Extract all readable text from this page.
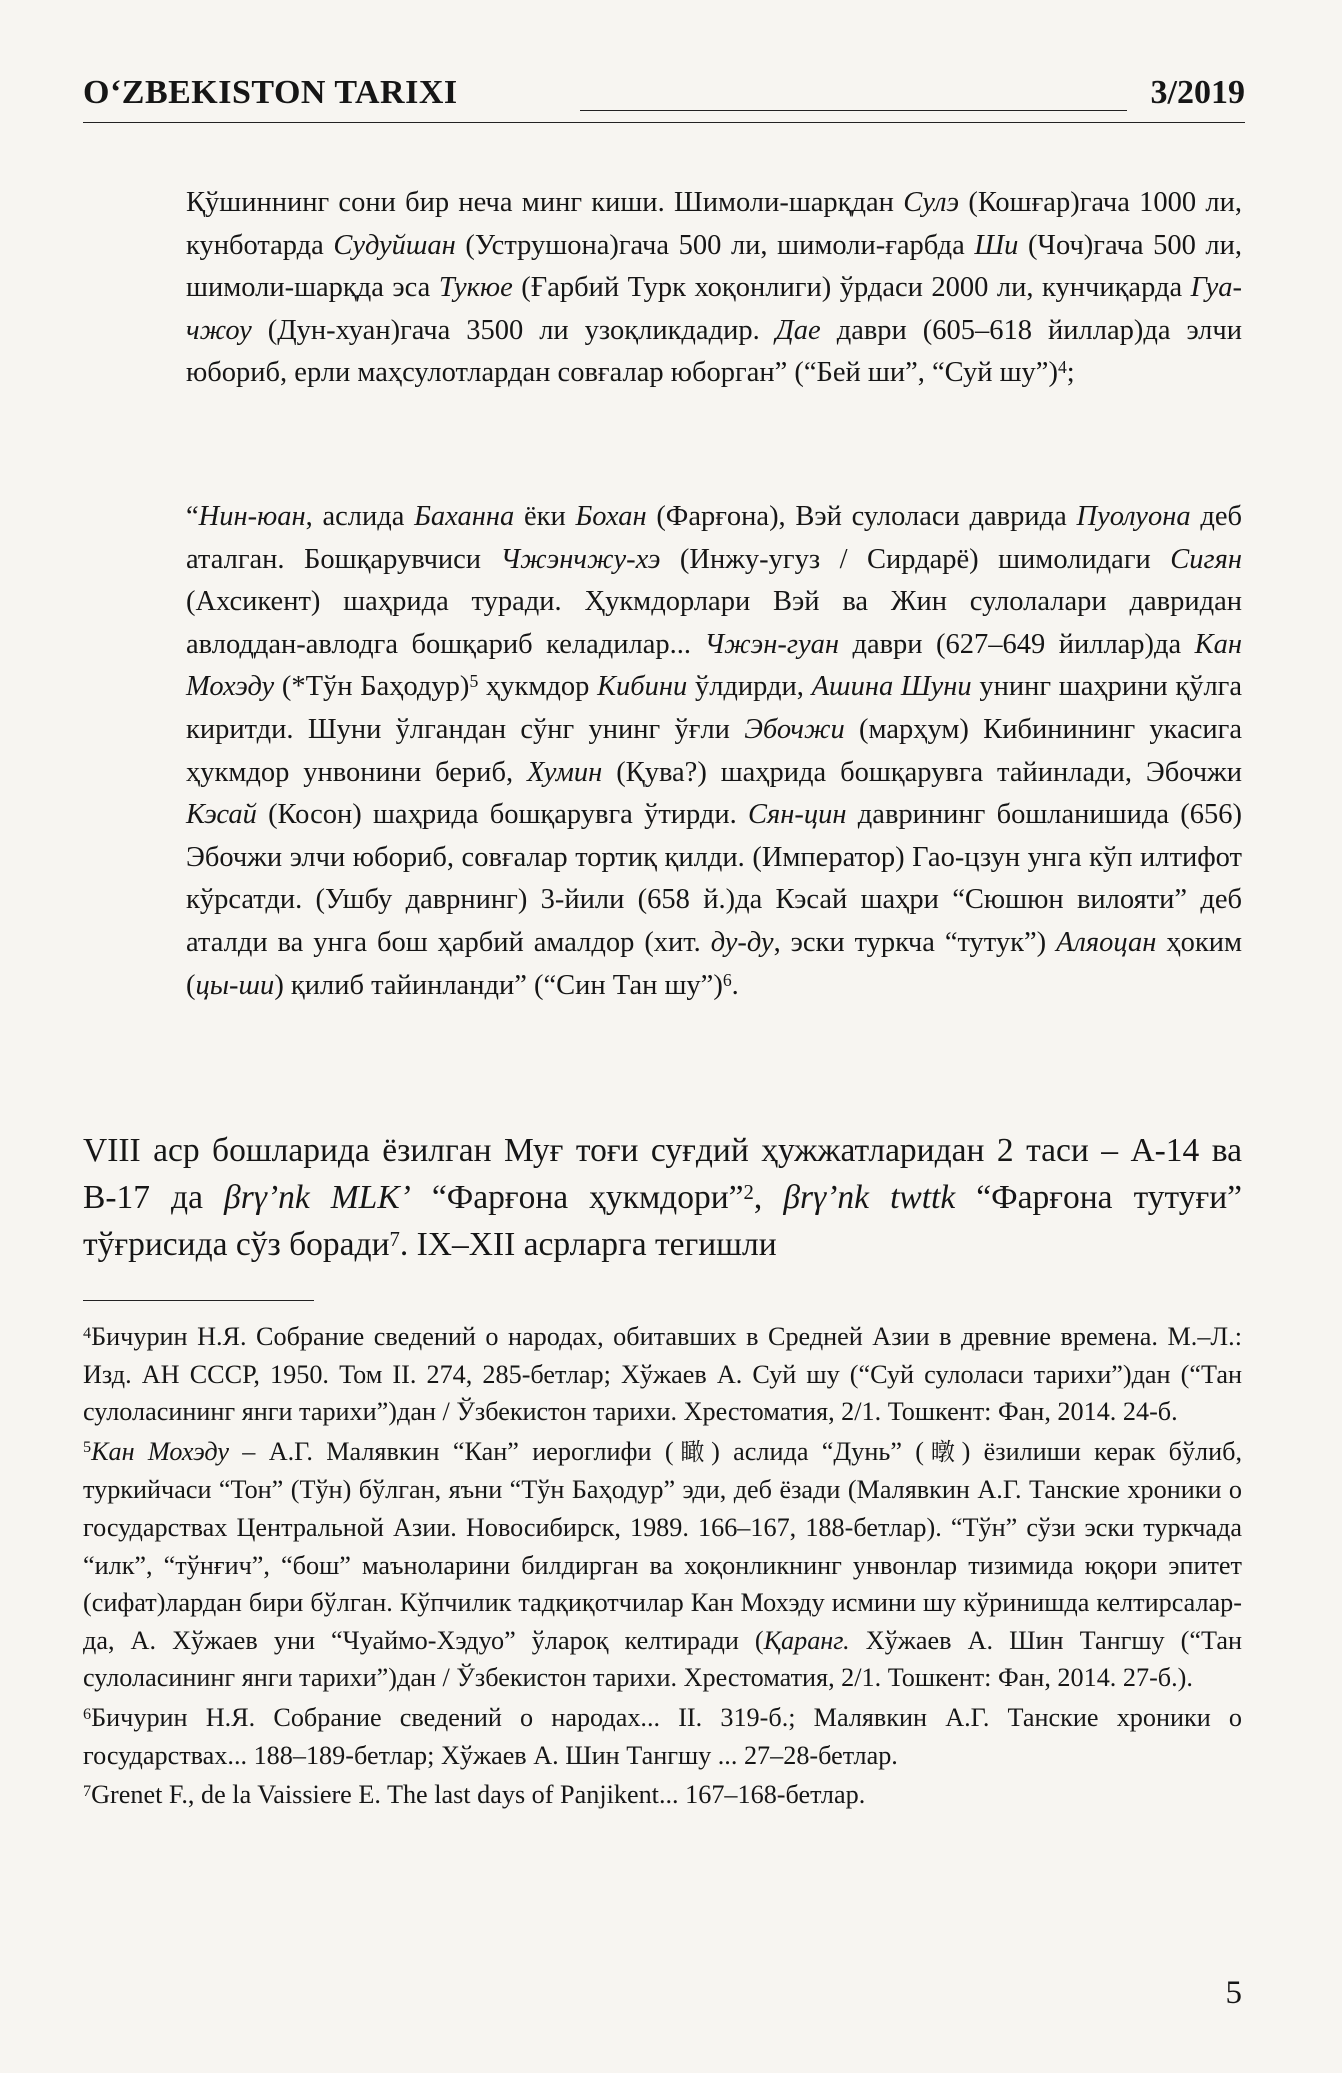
O‘ZBEKISTON TARIXI	3/2019

Қўшиннинг сони бир неча минг киши. Шимоли-шарқдан Сулэ (Кошғар)гача 1000 ли, кунботарда Судуйшан (Уструшона)гача 500 ли, шимоли-ғарбда Ши (Чоч)гача 500 ли, шимоли-шарқда эса Тукюе (Ғарбий Турк хоқонлиги) ўрдаси 2000 ли, кунчиқарда Гуа-чжоу (Дун-хуан)гача 3500 ли узоқликдадир. Дае даври (605–618 йиллар)да элчи юбориб, ерли маҳсулотлардан совғалар юборган” (“Бей ши”, “Суй шу”)$^4$;

“Нин-юан, аслида Баханна ёки Бохан (Фарғона), Вэй сулоласи даврида Пуолуона деб аталган. Бошқарувчиси Чжэнчжу-хэ (Инжу-угуз / Сирдарё) шимолидаги Сигян (Ахсикент) шаҳрида туради. Ҳукмдорлари Вэй ва Жин сулолалари давридан авлоддан-авлодга бошқариб келадилар... Чжэн-гуан даври (627–649 йиллар)да Кан Мохэду (*Тўн Баҳодур)$^5$ ҳукмдор Кибини ўлдирди, Ашина Шуни унинг шаҳрини қўлга киритди. Шуни ўлгандан сўнг унинг ўғли Эбочжи (марҳум) Кибинининг укасига ҳукмдор унвонини бериб, Хумин (Қува?) шаҳрида бошқарувга тайинлади, Эбочжи Кэсай (Косон) шаҳрида бошқарувга ўтирди. Сян-цин даврининг бошланишида (656) Эбочжи элчи юбориб, совғалар тортиқ қилди. (Император) Гао-цзун унга кўп илтифот кўрсатди. (Ушбу даврнинг) 3-йили (658 й.)да Кэсай шаҳри “Сюшюн вилояти” деб аталди ва унга бош ҳарбий амалдор (хит. ду-ду, эски туркча “тутук”) Аляоцан ҳоким (цы-ши) қилиб тайинланди” (“Син Тан шу”)$^6$.

VIII аср бошларида ёзилган Муғ тоғи суғдий ҳужжатларидан 2 таси – А-14 ва В-17 да βrγ’nk MLK’ “Фарғона ҳукмдори”$^2$, βrγ’nk twttk “Фарғона тутуғи” тўғрисида сўз боради$^7$. IX–XII асрларга тегишли

$^4$Бичурин Н.Я. Собрание сведений о народах, обитавших в Средней Азии в древние времена. М.–Л.: Изд. АН СССР, 1950. Том II. 274, 285-бетлар; Хўжаев А. Суй шу (“Суй сулоласи тарихи”)дан (“Тан сулоласининг янги тарихи”)дан / Ўзбекистон тарихи. Хрестоматия, 2/1. Тошкент: Фан, 2014. 24-б.

$^5$Кан Мохэду – А.Г. Малявкин “Кан” иероглифи (瞰) аслида “Дунь” (暾) ёзилиши керак бўлиб, туркийчаси “Тон” (Тўн) бўлган, яъни “Тўн Баҳодур” эди, деб ёзади (Малявкин А.Г. Танские хроники о государствах Центральной Азии. Новосибирск, 1989. 166–167, 188-бетлар). “Тўн” сўзи эски туркчада “илк”, “тўнғич”, “бош” маъноларини билдирган ва хоқонликнинг унвонлар тизимида юқори эпитет (сифат)лардан бири бўлган. Кўпчилик тадқиқотчилар Кан Мохэду исмини шу кўринишда келтирсалар-да, А. Хўжаев уни “Чуаймо-Хэдуо” ўлароқ келтиради (Қаранг. Хўжаев А. Шин Тангшу (“Тан сулоласининг янги тарихи”)дан / Ўзбекистон тарихи. Хрестоматия, 2/1. Тошкент: Фан, 2014. 27-б.).

$^6$Бичурин Н.Я. Собрание сведений о народах... II. 319-б.; Малявкин А.Г. Танские хроники о государствах... 188–189-бетлар; Хўжаев А. Шин Тангшу ... 27–28-бетлар.

$^7$Grenet F., de la Vaissiere E. The last days of Panjikent... 167–168-бетлар.

5
